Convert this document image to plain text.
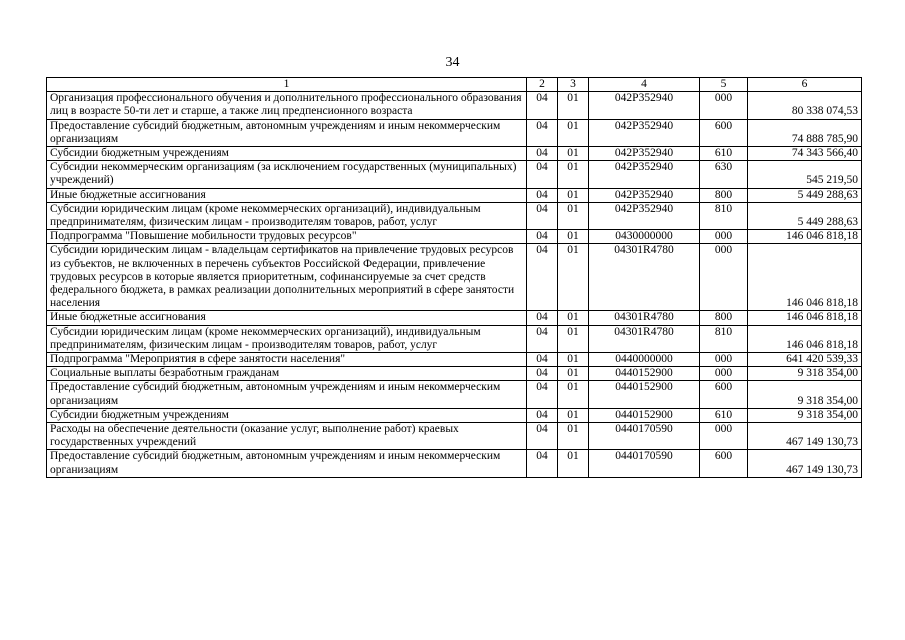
34
1	2	3	4	5	6
Организация профессионального обучения и дополнительного профессионального образования лиц в возрасте 50-ти лет и старше, а также лиц предпенсионного возраста	04	01	042P352940	000	80 338 074,53
Предоставление субсидий бюджетным, автономным учреждениям и иным некоммерческим организациям	04	01	042P352940	600	74 888 785,90
Субсидии бюджетным учреждениям	04	01	042P352940	610	74 343 566,40
Субсидии некоммерческим организациям (за исключением государственных (муниципальных) учреждений)	04	01	042P352940	630	545 219,50
Иные бюджетные ассигнования	04	01	042P352940	800	5 449 288,63
Субсидии юридическим лицам (кроме некоммерческих организаций), индивидуальным предпринимателям, физическим лицам - производителям товаров, работ, услуг	04	01	042P352940	810	5 449 288,63
Подпрограмма "Повышение мобильности трудовых ресурсов"	04	01	0430000000	000	146 046 818,18
Субсидии юридическим лицам - владельцам сертификатов на привлечение трудовых ресурсов из субъектов, не включенных в перечень субъектов Российской Федерации, привлечение трудовых ресурсов в которые является приоритетным, софинансируемые за счет средств федерального бюджета, в рамках реализации дополнительных мероприятий в сфере занятости населения	04	01	04301R4780	000	146 046 818,18
Иные бюджетные ассигнования	04	01	04301R4780	800	146 046 818,18
Субсидии юридическим лицам (кроме некоммерческих организаций), индивидуальным предпринимателям, физическим лицам - производителям товаров, работ, услуг	04	01	04301R4780	810	146 046 818,18
Подпрограмма "Мероприятия в сфере занятости населения"	04	01	0440000000	000	641 420 539,33
Социальные выплаты безработным гражданам	04	01	0440152900	000	9 318 354,00
Предоставление субсидий бюджетным, автономным учреждениям и иным некоммерческим организациям	04	01	0440152900	600	9 318 354,00
Субсидии бюджетным учреждениям	04	01	0440152900	610	9 318 354,00
Расходы на обеспечение деятельности (оказание услуг, выполнение работ) краевых государственных учреждений	04	01	0440170590	000	467 149 130,73
Предоставление субсидий бюджетным, автономным учреждениям и иным некоммерческим организациям	04	01	0440170590	600	467 149 130,73
